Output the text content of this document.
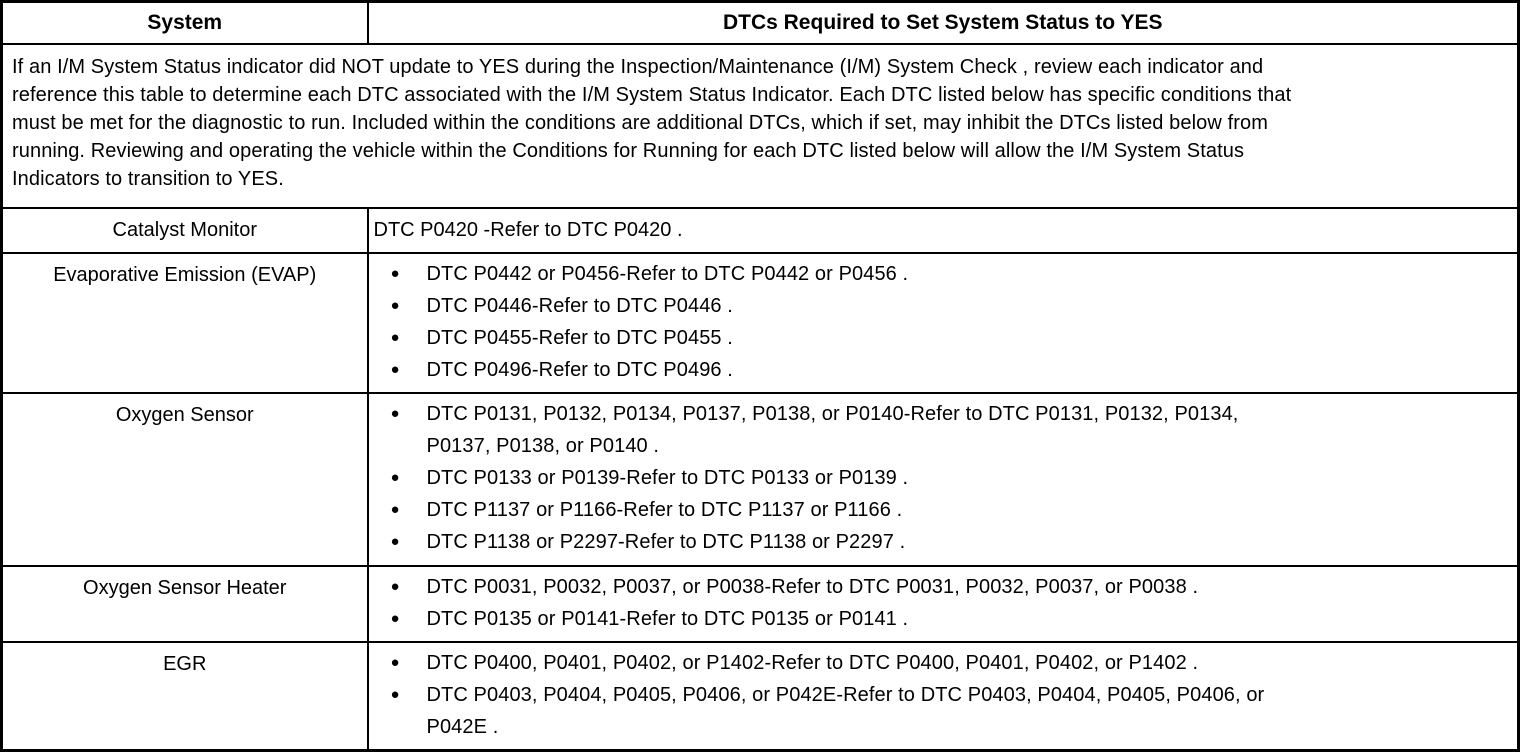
System	DTCs Required to Set System Status to YES

If an I/M System Status indicator did NOT update to YES during the Inspection/Maintenance (I/M) System Check , review each indicator and reference this table to determine each DTC associated with the I/M System Status Indicator. Each DTC listed below has specific conditions that must be met for the diagnostic to run. Included within the conditions are additional DTCs, which if set, may inhibit the DTCs listed below from running. Reviewing and operating the vehicle within the Conditions for Running for each DTC listed below will allow the I/M System Status Indicators to transition to YES.	

Catalyst Monitor	DTC P0420 -Refer to DTC P0420 .

Evaporative Emission (EVAP)	●	DTC P0442 or P0456-Refer to DTC P0442 or P0456 .
●	DTC P0446-Refer to DTC P0446 .
●	DTC P0455-Refer to DTC P0455 .
●	DTC P0496-Refer to DTC P0496 .

Oxygen Sensor	●	DTC P0131, P0132, P0134, P0137, P0138, or P0140-Refer to DTC P0131, P0132, P0134, P0137, P0138, or P0140 .
●	DTC P0133 or P0139-Refer to DTC P0133 or P0139 .
●	DTC P1137 or P1166-Refer to DTC P1137 or P1166 .
●	DTC P1138 or P2297-Refer to DTC P1138 or P2297 .

Oxygen Sensor Heater	●	DTC P0031, P0032, P0037, or P0038-Refer to DTC P0031, P0032, P0037, or P0038 .
●	DTC P0135 or P0141-Refer to DTC P0135 or P0141 .

EGR	●	DTC P0400, P0401, P0402, or P1402-Refer to DTC P0400, P0401, P0402, or P1402 .
●	DTC P0403, P0404, P0405, P0406, or P042E-Refer to DTC P0403, P0404, P0405, P0406, or P042E .
